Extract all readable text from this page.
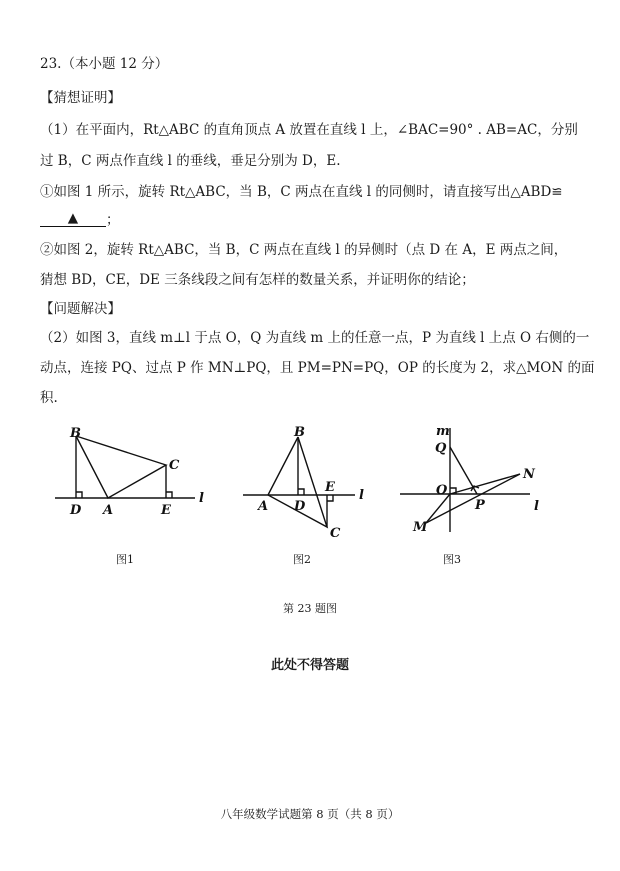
23.（本小题 12 分）
【猜想证明】
（1）在平面内，Rt△ABC 的直角顶点 A 放置在直线 l 上，∠BAC=90° . AB=AC，分别
过 B，C 两点作直线 l 的垂线，垂足分别为 D，E.
①如图 1 所示，旋转 Rt△ABC，当 B，C 两点在直线 l 的同侧时，请直接写出△ABD≌
▲ ；
②如图 2，旋转 Rt△ABC，当 B，C 两点在直线 l 的异侧时（点 D 在 A，E 两点之间，
猜想 BD，CE，DE 三条线段之间有怎样的数量关系，并证明你的结论；
【问题解决】
（2）如图 3，直线 m⊥l 于点 O，Q 为直线 m 上的任意一点，P 为直线 l 上点 O 右侧的一
动点，连接 PQ、过点 P 作 MN⊥PQ，且 PM=PN=PQ，OP 的长度为 2，求△MON 的面
积.
B
C
D A	E
l
B
A D
E
C
l
m
Q
N
O
P
M
l
图1	图2	图3
第 23 题图
此处不得答题
八年级数学试题第 8 页（共 8 页）
